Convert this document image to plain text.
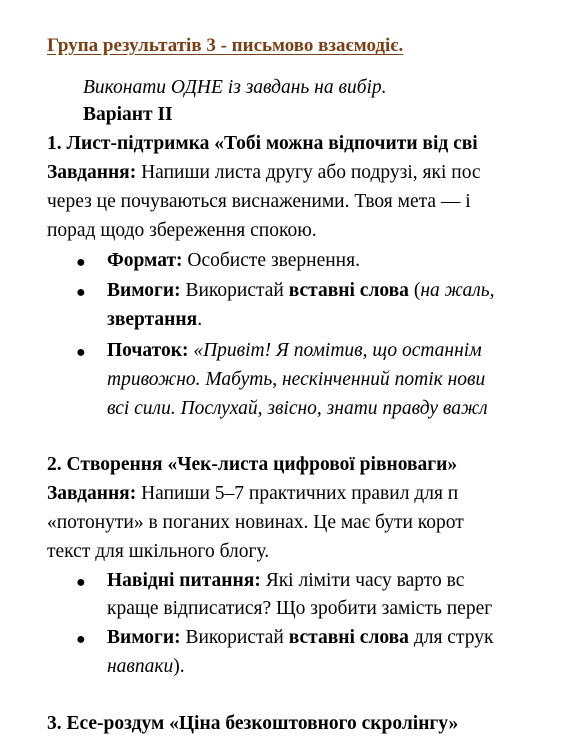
Група результатів 3 - письмово взаємодіє.
Виконати ОДНЕ із завдань на вибір.
Варіант ІІ
1. Лист-підтримка «Тобі можна відпочити від сві
Завдання: Напиши листа другу або подрузі, які пос
через це почуваються виснаженими. Твоя мета — і
порад щодо збереження спокою.
● Формат: Особисте звернення.
● Вимоги: Використай вставні слова (на жаль,
звертання.
● Початок: «Привіт! Я помітив, що останнім
тривожно. Мабуть, нескінченний потік нови
всі сили. Послухай, звісно, знати правду важл
2. Створення «Чек-листа цифрової рівноваги»
Завдання: Напиши 5–7 практичних правил для п
«потонути» в поганих новинах. Це має бути корот
текст для шкільного блогу.
● Навідні питання: Які ліміти часу варто вс
краще відписатися? Що зробити замість перег
● Вимоги: Використай вставні слова для струк
навпаки).
3. Есе-роздум «Ціна безкоштовного скролінгу»
